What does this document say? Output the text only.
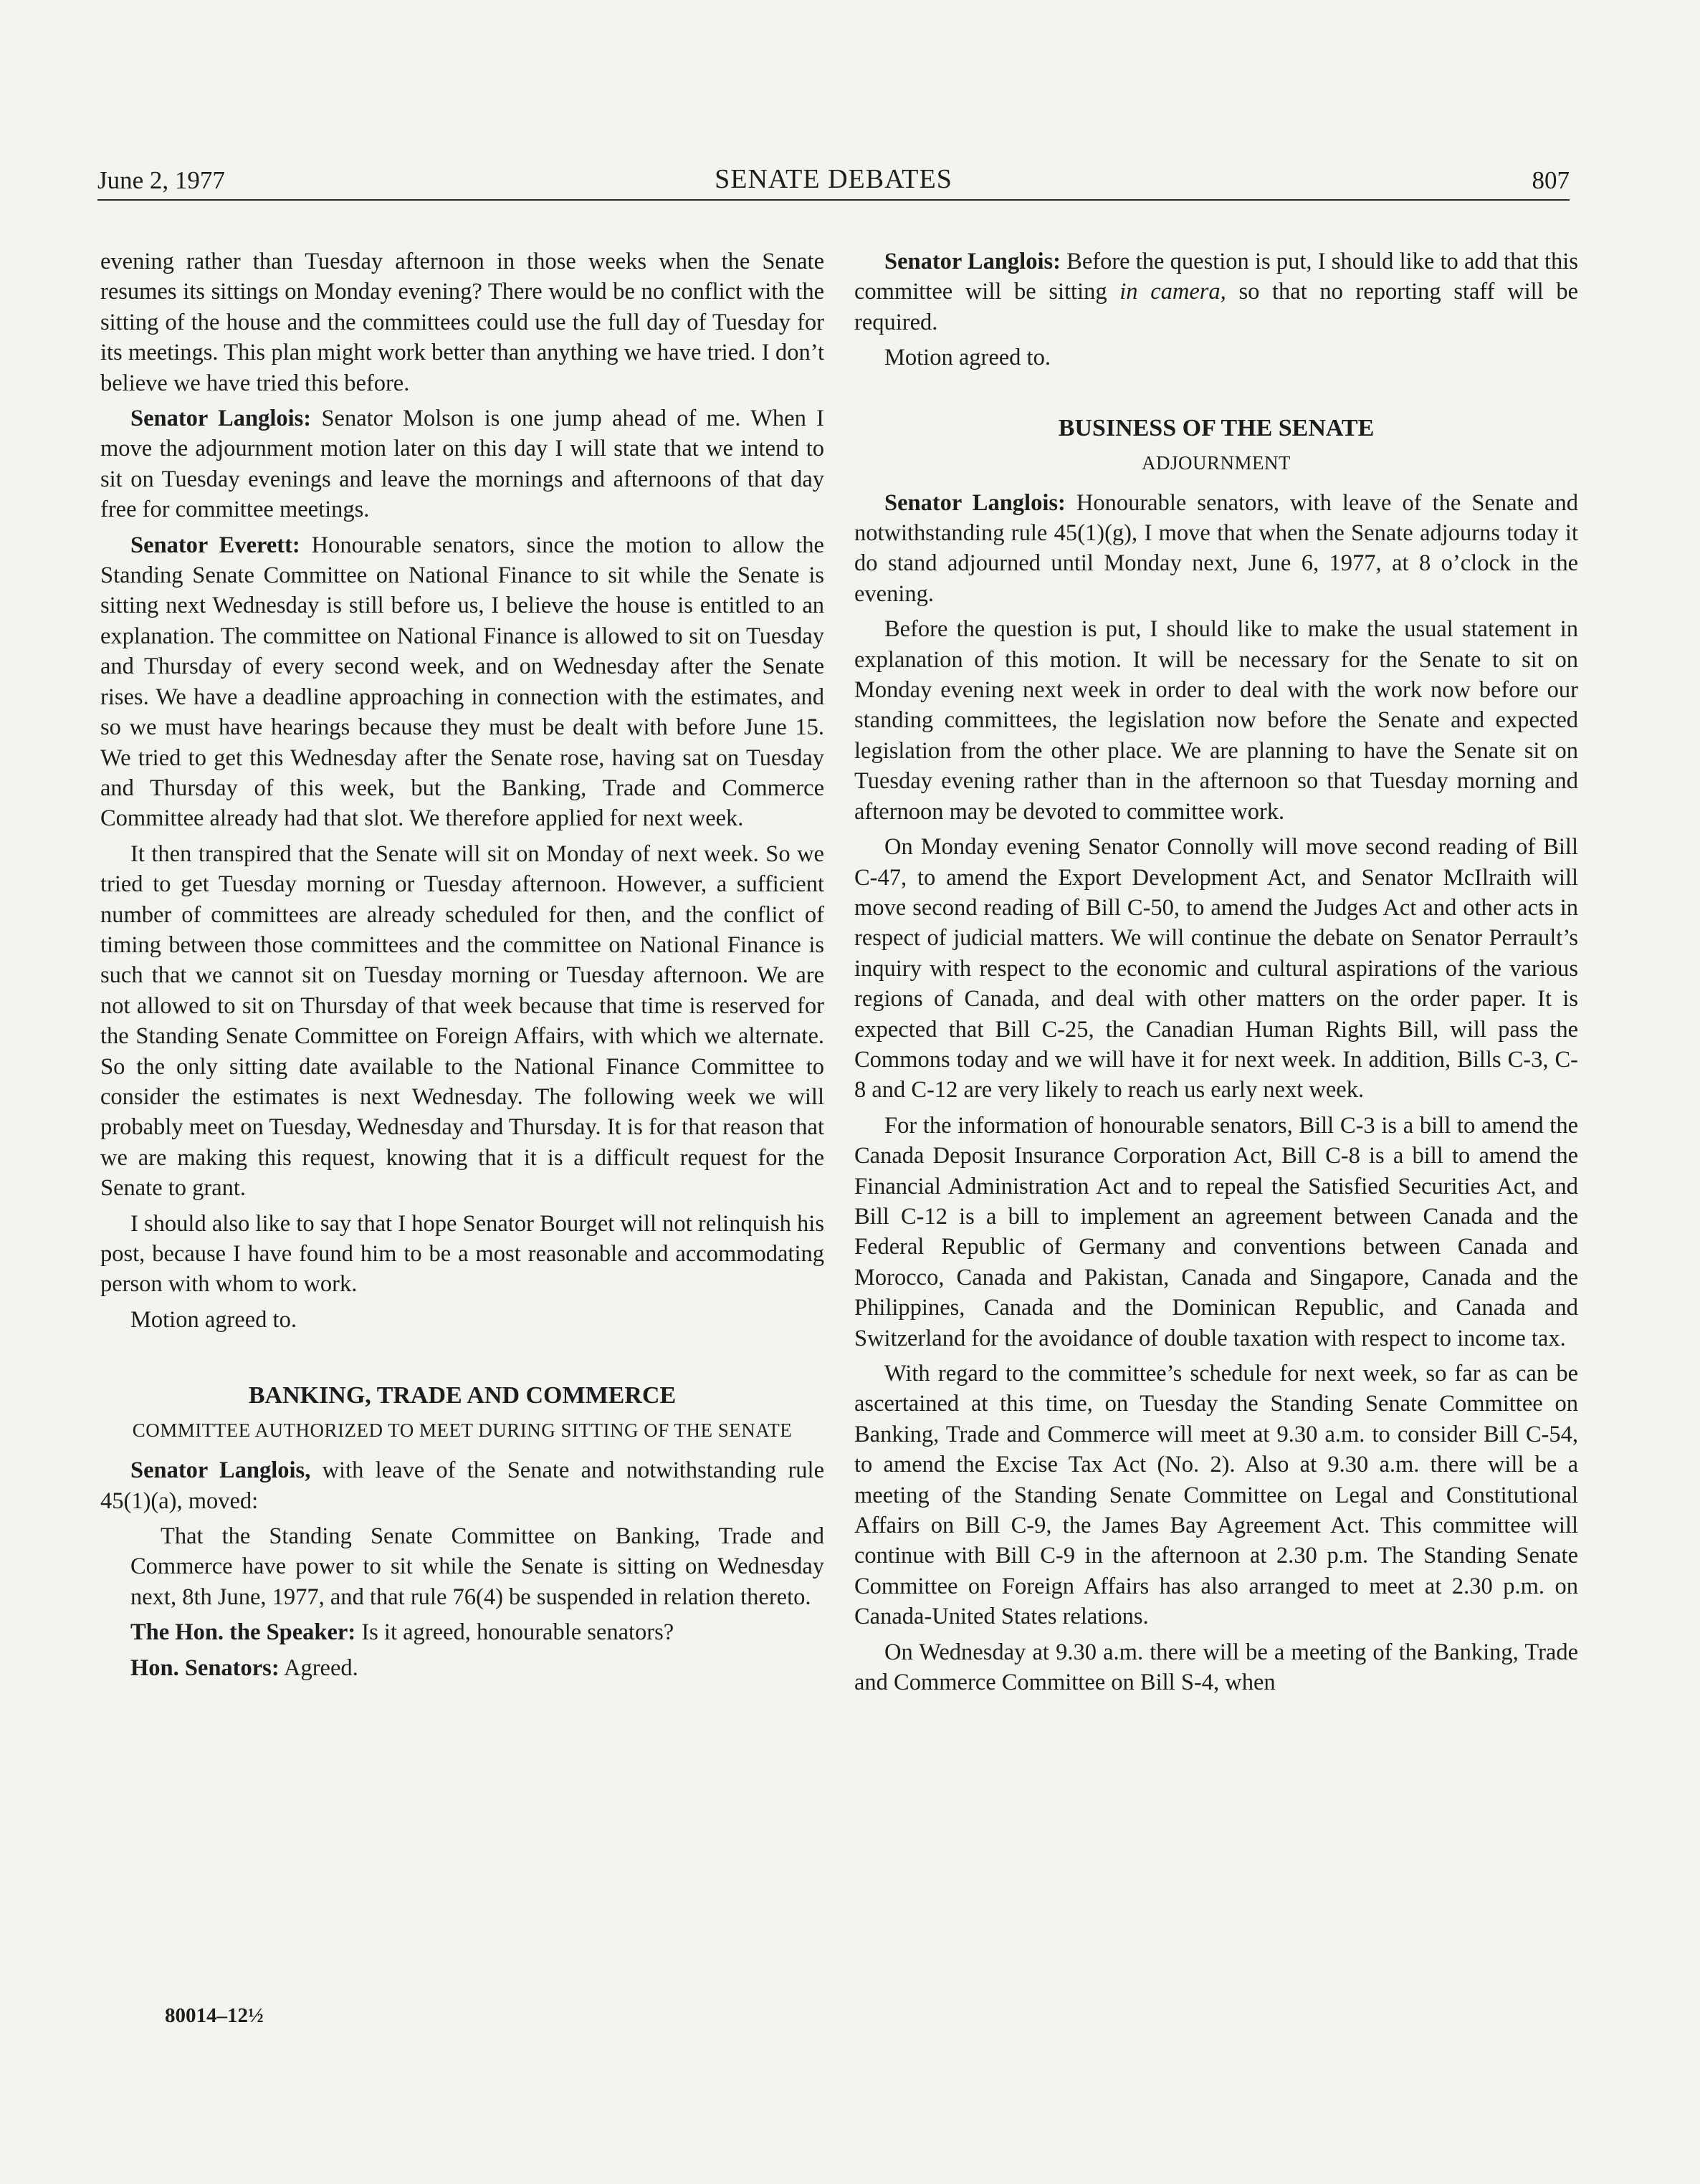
June 2, 1977	SENATE DEBATES	807

evening rather than Tuesday afternoon in those weeks when the Senate resumes its sittings on Monday evening? There would be no conflict with the sitting of the house and the committees could use the full day of Tuesday for its meetings. This plan might work better than anything we have tried. I don’t believe we have tried this before.

Senator Langlois: Senator Molson is one jump ahead of me. When I move the adjournment motion later on this day I will state that we intend to sit on Tuesday evenings and leave the mornings and afternoons of that day free for committee meetings.

Senator Everett: Honourable senators, since the motion to allow the Standing Senate Committee on National Finance to sit while the Senate is sitting next Wednesday is still before us, I believe the house is entitled to an explanation. The committee on National Finance is allowed to sit on Tuesday and Thursday of every second week, and on Wednesday after the Senate rises. We have a deadline approaching in connection with the estimates, and so we must have hearings because they must be dealt with before June 15. We tried to get this Wednesday after the Senate rose, having sat on Tuesday and Thursday of this week, but the Banking, Trade and Commerce Committee already had that slot. We therefore applied for next week.

It then transpired that the Senate will sit on Monday of next week. So we tried to get Tuesday morning or Tuesday afternoon. However, a sufficient number of committees are already scheduled for then, and the conflict of timing between those committees and the committee on National Finance is such that we cannot sit on Tuesday morning or Tuesday afternoon. We are not allowed to sit on Thursday of that week because that time is reserved for the Standing Senate Committee on Foreign Affairs, with which we alternate. So the only sitting date available to the National Finance Committee to consider the estimates is next Wednesday. The following week we will probably meet on Tuesday, Wednesday and Thursday. It is for that reason that we are making this request, knowing that it is a difficult request for the Senate to grant.

I should also like to say that I hope Senator Bourget will not relinquish his post, because I have found him to be a most reasonable and accommodating person with whom to work.

Motion agreed to.

BANKING, TRADE AND COMMERCE
COMMITTEE AUTHORIZED TO MEET DURING SITTING OF THE SENATE

Senator Langlois, with leave of the Senate and notwithstanding rule 45(1)(a), moved:

That the Standing Senate Committee on Banking, Trade and Commerce have power to sit while the Senate is sitting on Wednesday next, 8th June, 1977, and that rule 76(4) be suspended in relation thereto.

The Hon. the Speaker: Is it agreed, honourable senators?

Hon. Senators: Agreed.

Senator Langlois: Before the question is put, I should like to add that this committee will be sitting in camera, so that no reporting staff will be required.

Motion agreed to.

BUSINESS OF THE SENATE
ADJOURNMENT

Senator Langlois: Honourable senators, with leave of the Senate and notwithstanding rule 45(1)(g), I move that when the Senate adjourns today it do stand adjourned until Monday next, June 6, 1977, at 8 o’clock in the evening.

Before the question is put, I should like to make the usual statement in explanation of this motion. It will be necessary for the Senate to sit on Monday evening next week in order to deal with the work now before our standing committees, the legislation now before the Senate and expected legislation from the other place. We are planning to have the Senate sit on Tuesday evening rather than in the afternoon so that Tuesday morning and afternoon may be devoted to committee work.

On Monday evening Senator Connolly will move second reading of Bill C-47, to amend the Export Development Act, and Senator McIlraith will move second reading of Bill C-50, to amend the Judges Act and other acts in respect of judicial matters. We will continue the debate on Senator Perrault’s inquiry with respect to the economic and cultural aspirations of the various regions of Canada, and deal with other matters on the order paper. It is expected that Bill C-25, the Canadian Human Rights Bill, will pass the Commons today and we will have it for next week. In addition, Bills C-3, C-8 and C-12 are very likely to reach us early next week.

For the information of honourable senators, Bill C-3 is a bill to amend the Canada Deposit Insurance Corporation Act, Bill C-8 is a bill to amend the Financial Administration Act and to repeal the Satisfied Securities Act, and Bill C-12 is a bill to implement an agreement between Canada and the Federal Republic of Germany and conventions between Canada and Morocco, Canada and Pakistan, Canada and Singapore, Canada and the Philippines, Canada and the Dominican Republic, and Canada and Switzerland for the avoidance of double taxation with respect to income tax.

With regard to the committee’s schedule for next week, so far as can be ascertained at this time, on Tuesday the Standing Senate Committee on Banking, Trade and Commerce will meet at 9.30 a.m. to consider Bill C-54, to amend the Excise Tax Act (No. 2). Also at 9.30 a.m. there will be a meeting of the Standing Senate Committee on Legal and Constitutional Affairs on Bill C-9, the James Bay Agreement Act. This committee will continue with Bill C-9 in the afternoon at 2.30 p.m. The Standing Senate Committee on Foreign Affairs has also arranged to meet at 2.30 p.m. on Canada-United States relations.

On Wednesday at 9.30 a.m. there will be a meeting of the Banking, Trade and Commerce Committee on Bill S-4, when

80014–12½
